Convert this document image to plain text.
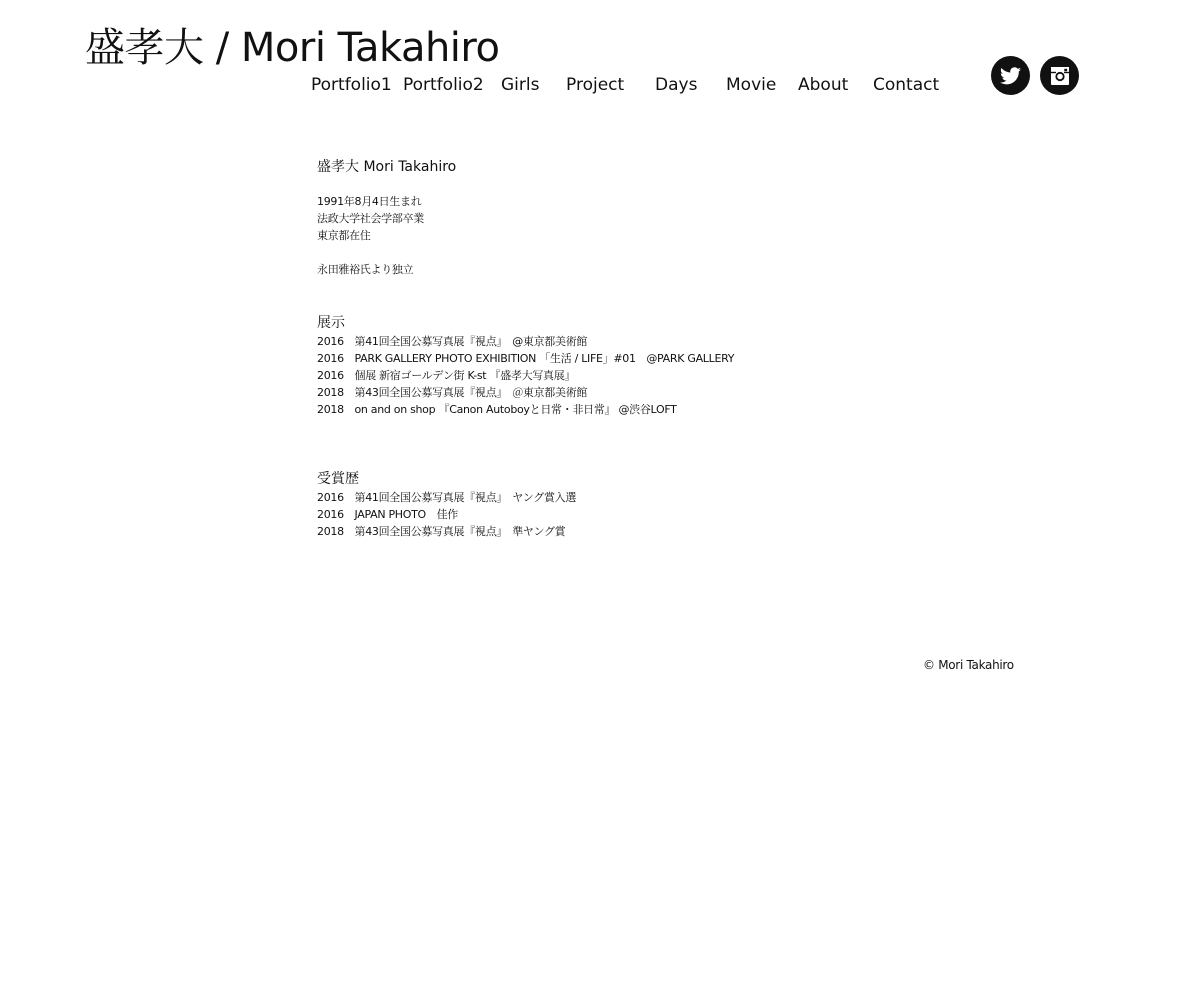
盛孝大 / Mori Takahiro
Portfolio1 Portfolio2 Girls Project Days Movie About Contact
盛孝大 Mori Takahiro
1991年8月4日生まれ
法政大学社会学部卒業
東京都在住
永田雅裕氏より独立
展示
2016　第41回全国公募写真展『視点』　@東京都美術館
2016　PARK GALLERY PHOTO EXHIBITION 「生活 / LIFE」#01　@PARK GALLERY
2016　個展 新宿ゴールデン街 K-st 『盛孝大写真展』
2018　第43回全国公募写真展『視点』　＠東京都美術館
2018　on and on shop 『Canon Autoboyと日常・非日常』 @渋谷LOFT
受賞歴
2016　第41回全国公募写真展『視点』　ヤング賞入選
2016　JAPAN PHOTO　佳作
2018　第43回全国公募写真展『視点』　準ヤング賞
© Mori Takahiro
